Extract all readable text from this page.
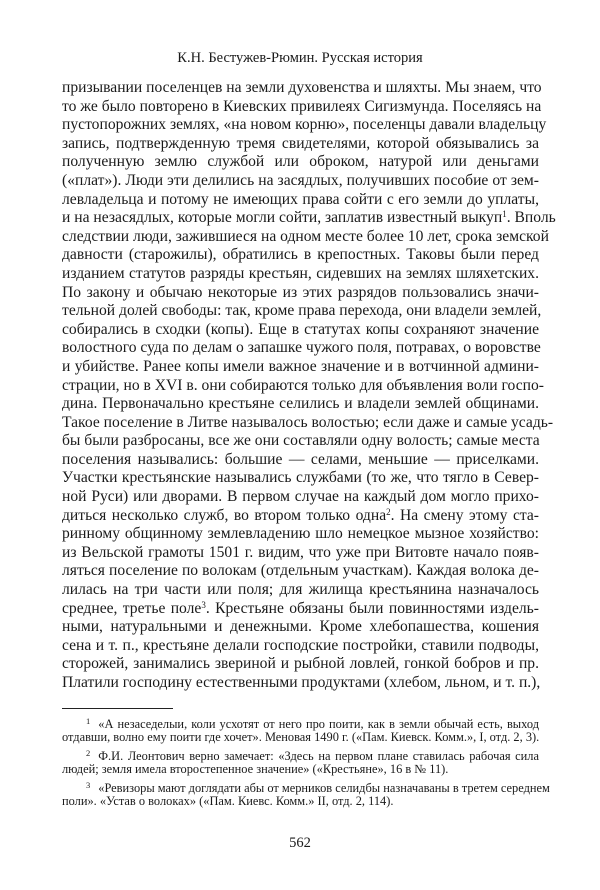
К.Н. Бестужев-Рюмин. Русская история
призывании поселенцев на земли духовенства и шляхты. Мы знаем, что
то же было повторено в Киевских привилеях Сигизмунда. Поселяясь на
пустопорожних землях, «на новом корню», поселенцы давали владельцу
запись, подтвержденную тремя свидетелями, которой обязывались за
полученную землю службой или оброком, натурой или деньгами
(«плат»). Люди эти делились на засядлых, получивших пособие от зем-
левладельца и потому не имеющих права сойти с его земли до уплаты,
и на незасядлых, которые могли сойти, заплатив известный выкуп$^1$. Вполь
следствии люди, зажившиеся на одном месте более 10 лет, срока земской
давности (старожилы), обратились в крепостных. Таковы были перед
изданием статутов разряды крестьян, сидевших на землях шляхетских.
По закону и обычаю некоторые из этих разрядов пользовались значи-
тельной долей свободы: так, кроме права перехода, они владели землей,
собирались в сходки (копы). Еще в статутах копы сохраняют значение
волостного суда по делам о запашке чужого поля, потравах, о воровстве
и убийстве. Ранее копы имели важное значение и в вотчинной админи-
страции, но в XVI в. они собираются только для объявления воли госпо-
дина. Первоначально крестьяне селились и владели землей общинами.
Такое поселение в Литве называлось волостью; если даже и самые усадь-
бы были разбросаны, все же они составляли одну волость; самые места
поселения назывались: большие — селами, меньшие — приселками.
Участки крестьянские назывались службами (то же, что тягло в Север-
ной Руси) или дворами. В первом случае на каждый дом могло прихо-
диться несколько служб, во втором только одна$^2$. На смену этому ста-
ринному общинному землевладению шло немецкое мызное хозяйство:
из Вельской грамоты 1501 г. видим, что уже при Витовте начало появ-
ляться поселение по волокам (отдельным участкам). Каждая волока де-
лилась на три части или поля; для жилища крестьянина назначалось
среднее, третье поле$^3$. Крестьяне обязаны были повинностями издель-
ными, натуральными и денежными. Кроме хлебопашества, кошения
сена и т. п., крестьяне делали господские постройки, ставили подводы,
сторожей, занимались звериной и рыбной ловлей, гонкой бобров и пр.
Платили господину естественными продуктами (хлебом, льном, и т. п.),
$^1$ «А незаседелыи, коли усхотят от него про поити, как в земли обычай есть, выход
отдавши, волно ему поити где хочет». Меновая 1490 г. («Пам. Киевск. Комм.», I, отд. 2, 3).
$^2$ Ф.И. Леонтович верно замечает: «Здесь на первом плане ставилась рабочая сила
людей; земля имела второстепенное значение» («Крестьяне», 16 в № 11).
$^3$ «Ревизоры мают доглядати абы от мерников селидбы назначаваны в третем середнем
поли». «Устав о волоках» («Пам. Киевс. Комм.» II, отд. 2, 114).
562
